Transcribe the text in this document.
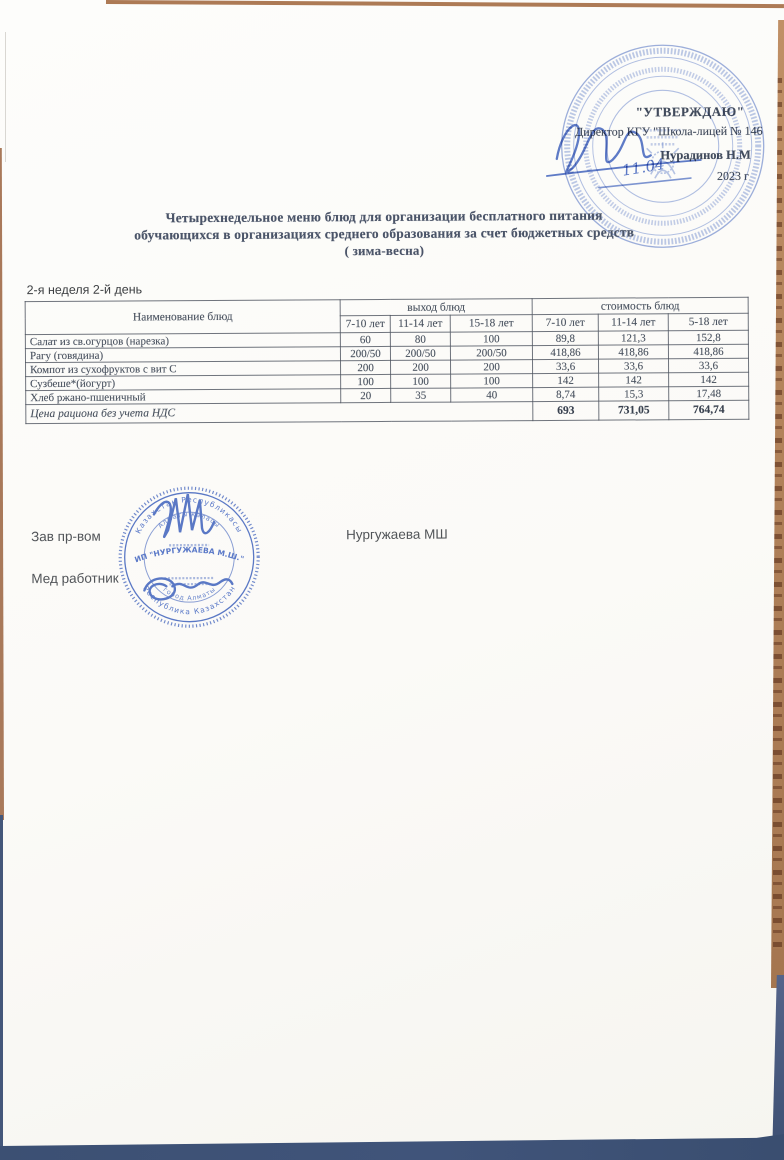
"УТВЕРЖДАЮ"
Директор КГУ "Школа-лицей № 146
Нурадинов Н.М
2023 г
11.04
Четырехнедельное меню блюд для организации бесплатного питания
обучающихся в организациях среднего образования за счет бюджетных средств
( зима-весна)
2-я неделя 2-й день
Наименование блюд	выход блюд			стоимость блюд		
	7-10 лет	11-14 лет	15-18 лет	7-10 лет	11-14 лет	5-18 лет
Салат из св.огурцов (нарезка)	60	80	100	89,8	121,3	152,8
Рагу (говядина)	200/50	200/50	200/50	418,86	418,86	418,86
Компот из сухофруктов с вит С	200	200	200	33,6	33,6	33,6
Сузбеше*(йогурт)	100	100	100	142	142	142
Хлеб ржано-пшеничный	20	35	40	8,74	15,3	17,48
Цена рациона без учета НДС				693	731,05	764,74
Зав пр-вом
Мед работник
Нургужаева МШ
Казахстан Республикасы
Алматы қаласы
Республика Казахстан
город Алматы
ИП "НУРГУЖАЕВА М.Ш."
